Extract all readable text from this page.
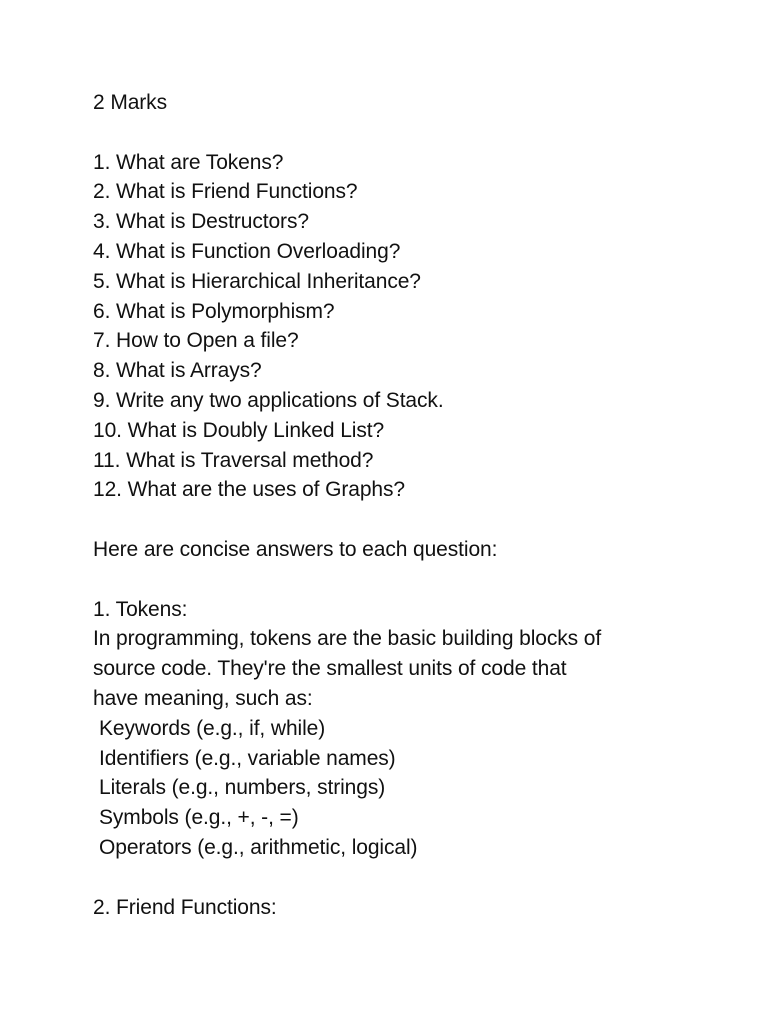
2 Marks
1. What are Tokens?
2. What is Friend Functions?
3. What is Destructors?
4. What is Function Overloading?
5. What is Hierarchical Inheritance?
6. What is Polymorphism?
7. How to Open a file?
8. What is Arrays?
9. Write any two applications of Stack.
10. What is Doubly Linked List?
11. What is Traversal method?
12. What are the uses of Graphs?
Here are concise answers to each question:
1. Tokens:
In programming, tokens are the basic building blocks of
source code. They're the smallest units of code that
have meaning, such as:
Keywords (e.g., if, while)
Identifiers (e.g., variable names)
Literals (e.g., numbers, strings)
Symbols (e.g., +, -, =)
Operators (e.g., arithmetic, logical)
2. Friend Functions:
